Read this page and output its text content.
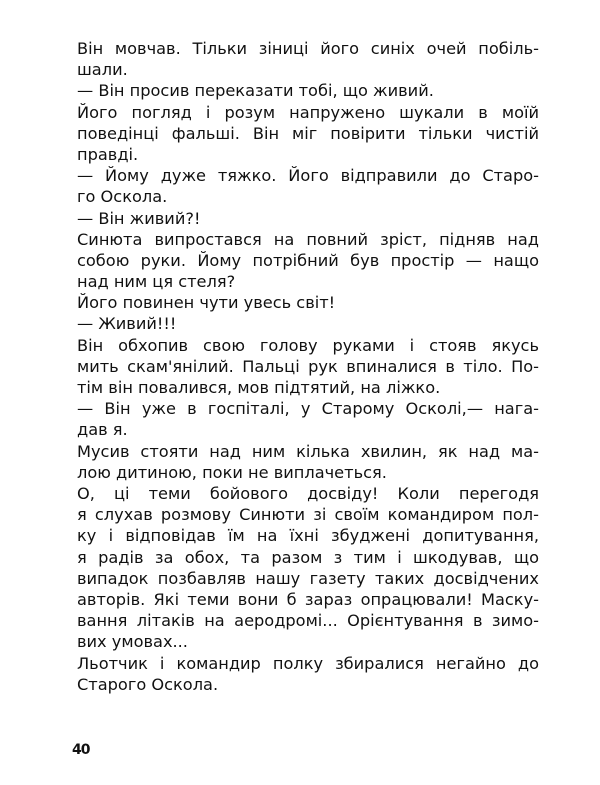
Він мовчав. Тільки зіниці його синіх очей побіль-
шали.
— Він просив переказати тобі, що живий.
Його погляд і розум напружено шукали в моїй
поведінці фальші. Він міг повірити тільки чистій
правді.
— Йому дуже тяжко. Його відправили до Старо-
го Оскола.
— Він живий?!
Синюта випростався на повний зріст, підняв над
собою руки. Йому потрібний був простір — нащо
над ним ця стеля?
Його повинен чути увесь світ!
— Живий!!!
Він обхопив свою голову руками і стояв якусь
мить скам'янілий. Пальці рук впиналися в тіло. По-
тім він повалився, мов підтятий, на ліжко.
— Він уже в госпіталі, у Старому Осколі,— нага-
дав я.
Мусив стояти над ним кілька хвилин, як над ма-
лою дитиною, поки не виплачеться.
О, ці теми бойового досвіду! Коли перегодя
я слухав розмову Синюти зі своїм командиром пол-
ку і відповідав їм на їхні збуджені допитування,
я радів за обох, та разом з тим і шкодував, що
випадок позбавляв нашу газету таких досвідчених
авторів. Які теми вони б зараз опрацювали! Маску-
вання літаків на аеродромі... Орієнтування в зимо-
вих умовах...
Льотчик і командир полку збиралися негайно до
Старого Оскола.
40
